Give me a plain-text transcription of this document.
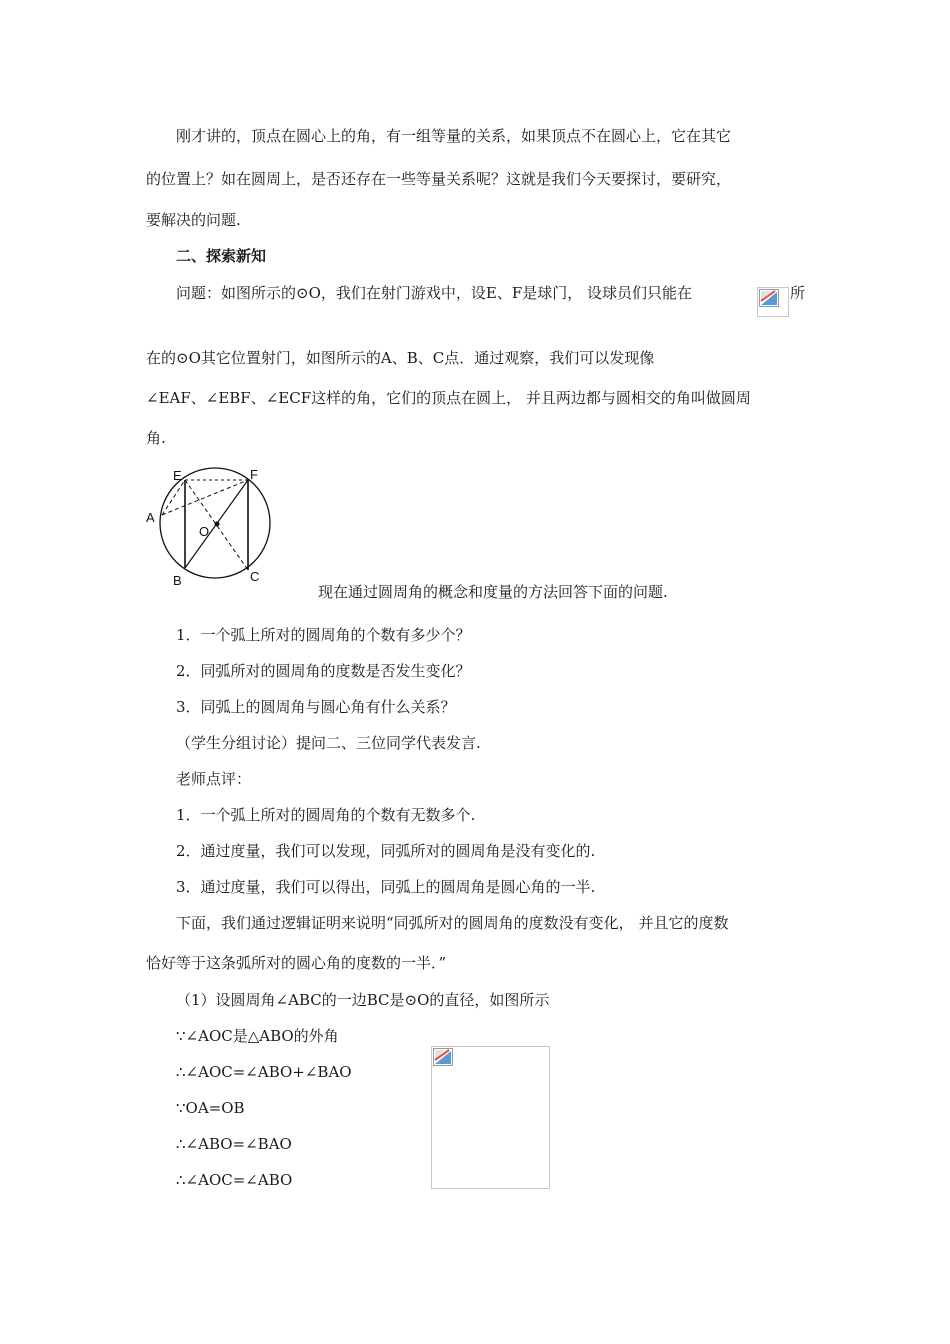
刚才讲的，顶点在圆心上的角，有一组等量的关系，如果顶点不在圆心上，它在其它
的位置上？如在圆周上，是否还存在一些等量关系呢？这就是我们今天要探讨，要研究，
要解决的问题.
二、探索新知
问题：如图所示的⊙O，我们在射门游戏中，设E、F是球门， 设球员们只能在	所
在的⊙O其它位置射门，如图所示的A、B、C点．通过观察，我们可以发现像
∠EAF、∠EBF、∠ECF这样的角，它们的顶点在圆上， 并且两边都与圆相交的角叫做圆周
角.
E	F
A
O
B	C
现在通过圆周角的概念和度量的方法回答下面的问题.
1．一个弧上所对的圆周角的个数有多少个？
2．同弧所对的圆周角的度数是否发生变化？
3．同弧上的圆周角与圆心角有什么关系？
（学生分组讨论）提问二、三位同学代表发言.
老师点评：
1．一个弧上所对的圆周角的个数有无数多个.
2．通过度量，我们可以发现，同弧所对的圆周角是没有变化的.
3．通过度量，我们可以得出，同弧上的圆周角是圆心角的一半.
下面，我们通过逻辑证明来说明“同弧所对的圆周角的度数没有变化， 并且它的度数
恰好等于这条弧所对的圆心角的度数的一半．”
（1）设圆周角∠ABC的一边BC是⊙O的直径，如图所示
∵∠AOC是△ABO的外角
∴∠AOC=∠ABO+∠BAO
∵OA=OB
∴∠ABO=∠BAO
∴∠AOC=∠ABO
